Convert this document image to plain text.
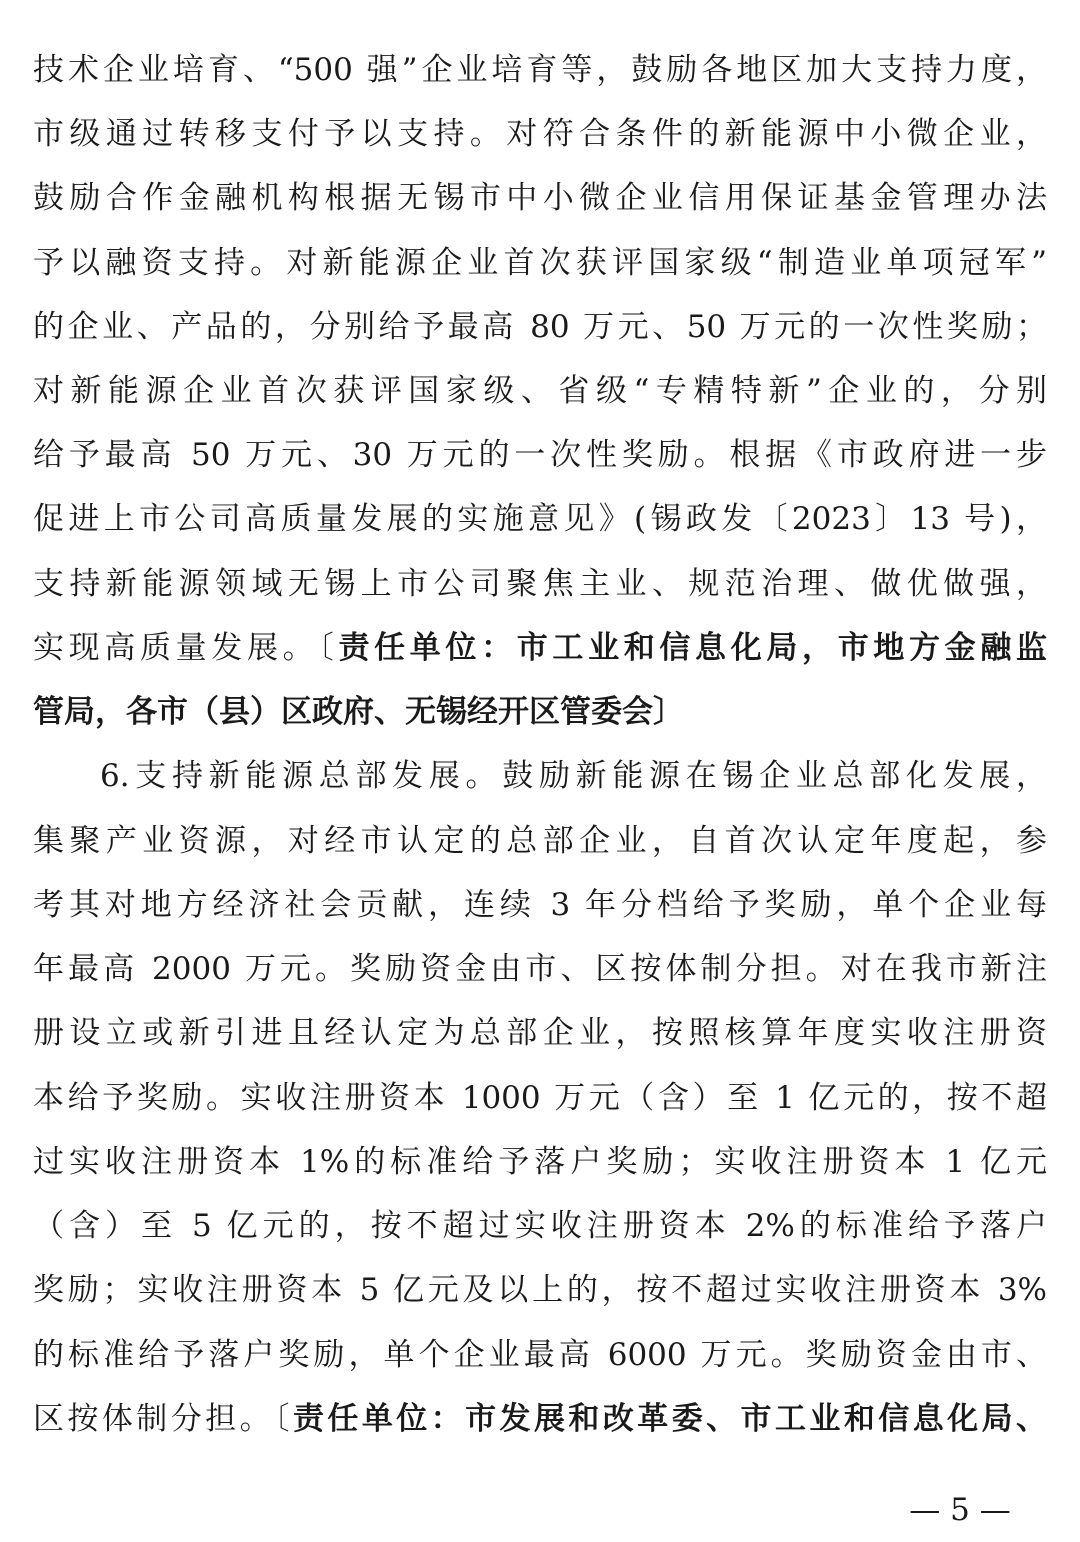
技术企业培育、“500 强”企业培育等，鼓励各地区加大支持力度，
市级通过转移支付予以支持。对符合条件的新能源中小微企业，
鼓励合作金融机构根据无锡市中小微企业信用保证基金管理办法
予以融资支持。对新能源企业首次获评国家级“制造业单项冠军”
的企业、产品的，分别给予最高 80 万元、50 万元的一次性奖励；
对新能源企业首次获评国家级、省级“专精特新”企业的，分别
给予最高 50 万元、30 万元的一次性奖励。根据《市政府进一步
促进上市公司高质量发展的实施意见》(锡政发〔2023〕13 号)，
支持新能源领域无锡上市公司聚焦主业、规范治理、做优做强，
实现高质量发展。〔责任单位：市工业和信息化局，市地方金融监
管局，各市（县）区政府、无锡经开区管委会〕
6.支持新能源总部发展。鼓励新能源在锡企业总部化发展，
集聚产业资源，对经市认定的总部企业，自首次认定年度起，参
考其对地方经济社会贡献，连续 3 年分档给予奖励，单个企业每
年最高 2000 万元。奖励资金由市、区按体制分担。对在我市新注
册设立或新引进且经认定为总部企业，按照核算年度实收注册资
本给予奖励。实收注册资本 1000 万元（含）至 1 亿元的，按不超
过实收注册资本 1%的标准给予落户奖励；实收注册资本 1 亿元
（含）至 5 亿元的，按不超过实收注册资本 2%的标准给予落户
奖励；实收注册资本 5 亿元及以上的，按不超过实收注册资本 3%
的标准给予落户奖励，单个企业最高 6000 万元。奖励资金由市、
区按体制分担。〔责任单位：市发展和改革委、市工业和信息化局、
— 5 —
